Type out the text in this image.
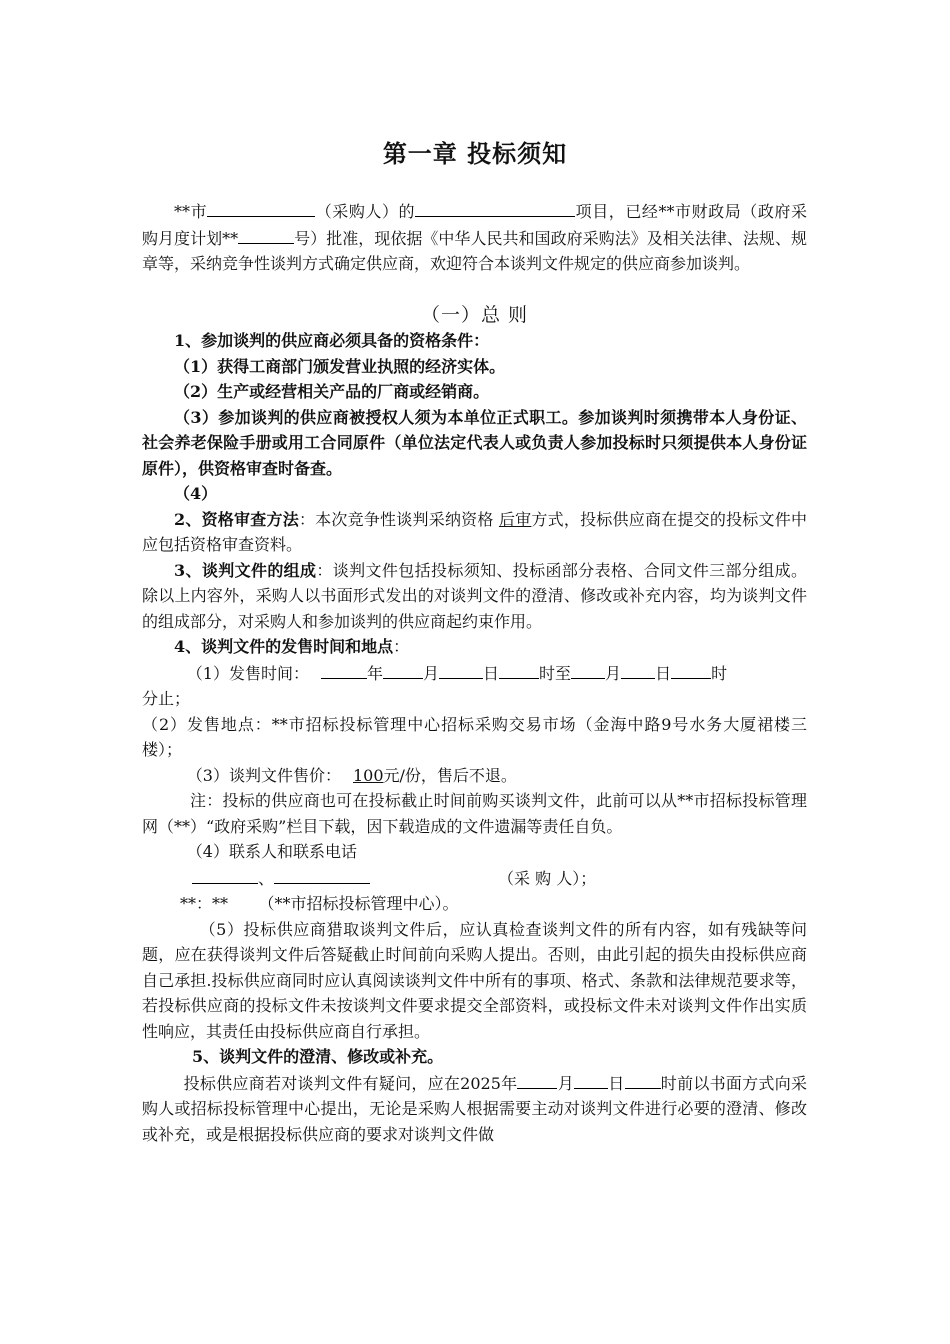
第一章 投标须知

**市	（采购人）的	项目，已经**市财政局（政府采购月度计划**	号）批准，现依据《中华人民共和国政府采购法》及相关法律、法规、规章等，采纳竞争性谈判方式确定供应商，欢迎符合本谈判文件规定的供应商参加谈判。

（一）总 则

1、参加谈判的供应商必须具备的资格条件：

（1）获得工商部门颁发营业执照的经济实体。

（2）生产或经营相关产品的厂商或经销商。

（3）参加谈判的供应商被授权人须为本单位正式职工。参加谈判时须携带本人身份证、社会养老保险手册或用工合同原件（单位法定代表人或负责人参加投标时只须提供本人身份证原件），供资格审查时备查。

（4）

2、资格审查方法：本次竞争性谈判采纳资格 后审方式，投标供应商在提交的投标文件中应包括资格审查资料。

3、谈判文件的组成：谈判文件包括投标须知、投标函部分表格、合同文件三部分组成。除以上内容外，采购人以书面形式发出的对谈判文件的澄清、修改或补充内容，均为谈判文件的组成部分，对采购人和参加谈判的供应商起约束作用。

4、谈判文件的发售时间和地点：

（1）发售时间：	年	月	日	时至 月 日	时

分止；

（2）发售地点：**市招标投标管理中心招标采购交易市场（金海中路9号水务大厦裙楼三楼）；

（3）谈判文件售价： 100元/份，售后不退。

注：投标的供应商也可在投标截止时间前购买谈判文件，此前可以从**市招标投标管理网（**）“政府采购”栏目下载，因下载造成的文件遗漏等责任自负。

（4）联系人和联系电话

、	（采 购 人）；

**：**      （**市招标投标管理中心）。

（5）投标供应商猎取谈判文件后，应认真检查谈判文件的所有内容，如有残缺等问题，应在获得谈判文件后答疑截止时间前向采购人提出。否则，由此引起的损失由投标供应商自己承担.投标供应商同时应认真阅读谈判文件中所有的事项、格式、条款和法律规范要求等，若投标供应商的投标文件未按谈判文件要求提交全部资料，或投标文件未对谈判文件作出实质性响应，其责任由投标供应商自行承担。

5、谈判文件的澄清、修改或补充。

投标供应商若对谈判文件有疑问，应在2025年	月 日 时前以书面方式向采购人或招标投标管理中心提出，无论是采购人根据需要主动对谈判文件进行必要的澄清、修改或补充，或是根据投标供应商的要求对谈判文件做
